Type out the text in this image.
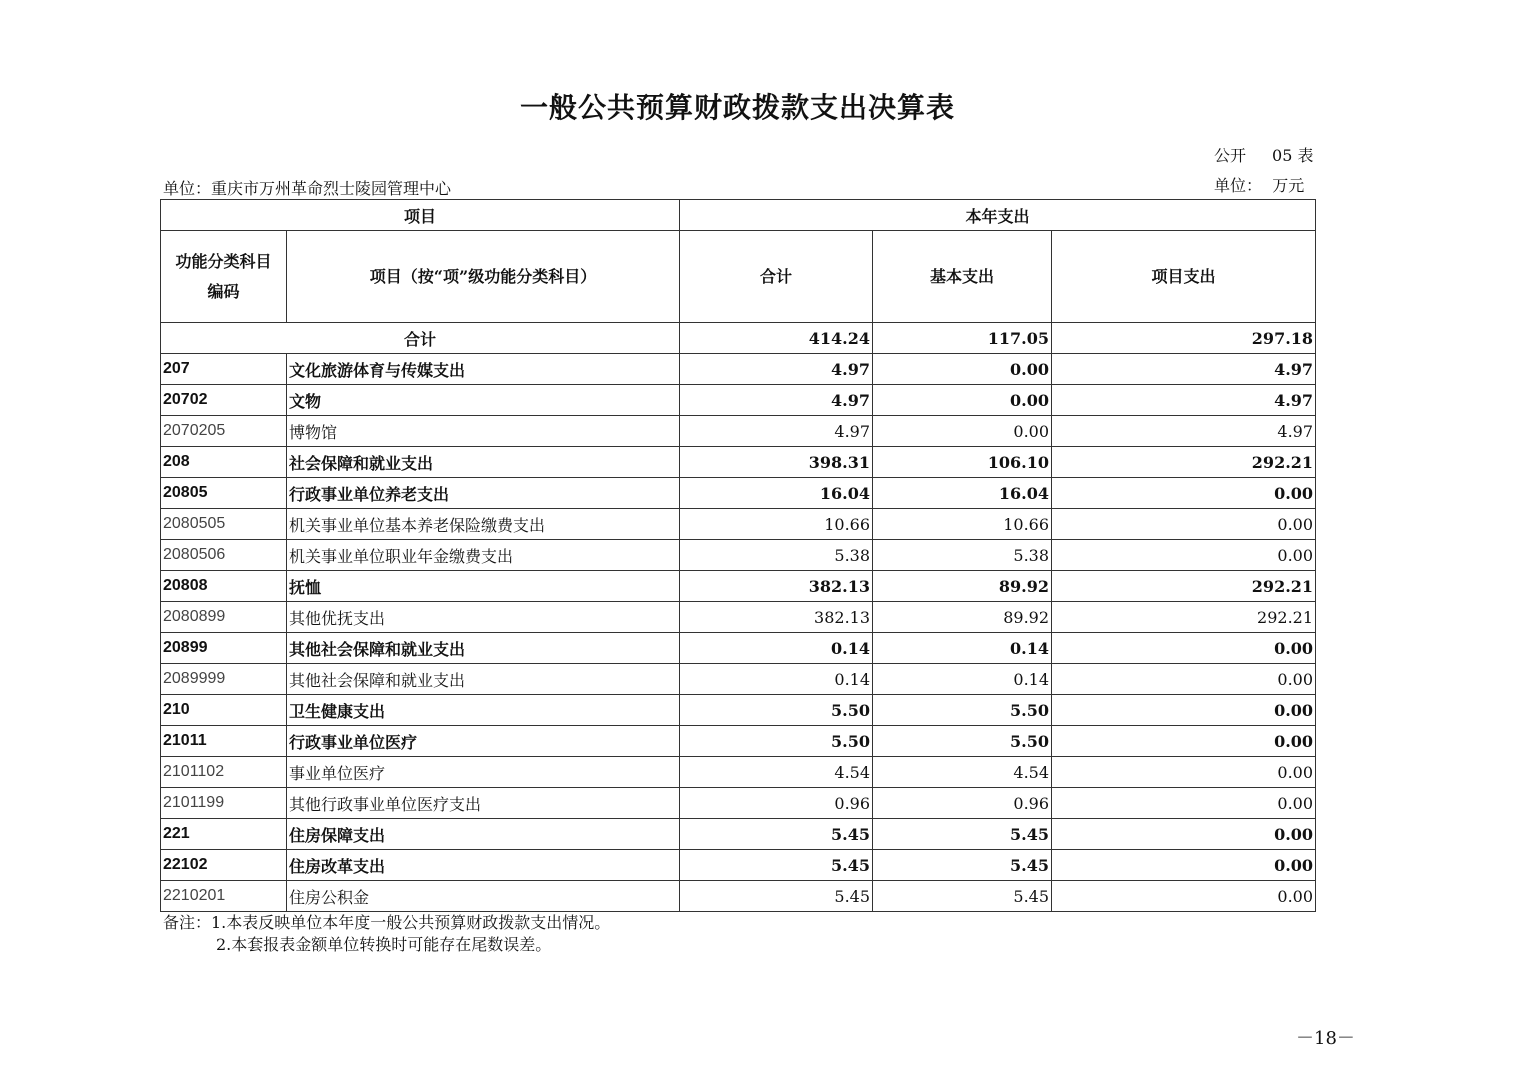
一般公共预算财政拨款支出决算表
公开 05 表
单位：重庆市万州革命烈士陵园管理中心	单位： 万元
项目		本年支出		

功能分类科目
编码	项目（按“项”级功能分类科目）	合计	基本支出	项目支出
合计		414.24	117.05	297.18
207	文化旅游体育与传媒支出	4.97	0.00	4.97
20702	文物	4.97	0.00	4.97
2070205	博物馆	4.97	0.00	4.97
208	社会保障和就业支出	398.31	106.10	292.21
20805	行政事业单位养老支出	16.04	16.04	0.00
2080505	机关事业单位基本养老保险缴费支出	10.66	10.66	0.00
2080506	机关事业单位职业年金缴费支出	5.38	5.38	0.00
20808	抚恤	382.13	89.92	292.21
2080899	其他优抚支出	382.13	89.92	292.21
20899	其他社会保障和就业支出	0.14	0.14	0.00
2089999	其他社会保障和就业支出	0.14	0.14	0.00
210	卫生健康支出	5.50	5.50	0.00
21011	行政事业单位医疗	5.50	5.50	0.00
2101102	事业单位医疗	4.54	4.54	0.00
2101199	其他行政事业单位医疗支出	0.96	0.96	0.00
221	住房保障支出	5.45	5.45	0.00
22102	住房改革支出	5.45	5.45	0.00
2210201	住房公积金	5.45	5.45	0.00
备注：1.本表反映单位本年度一般公共预算财政拨款支出情况。
2.本套报表金额单位转换时可能存在尾数误差。
－18－
